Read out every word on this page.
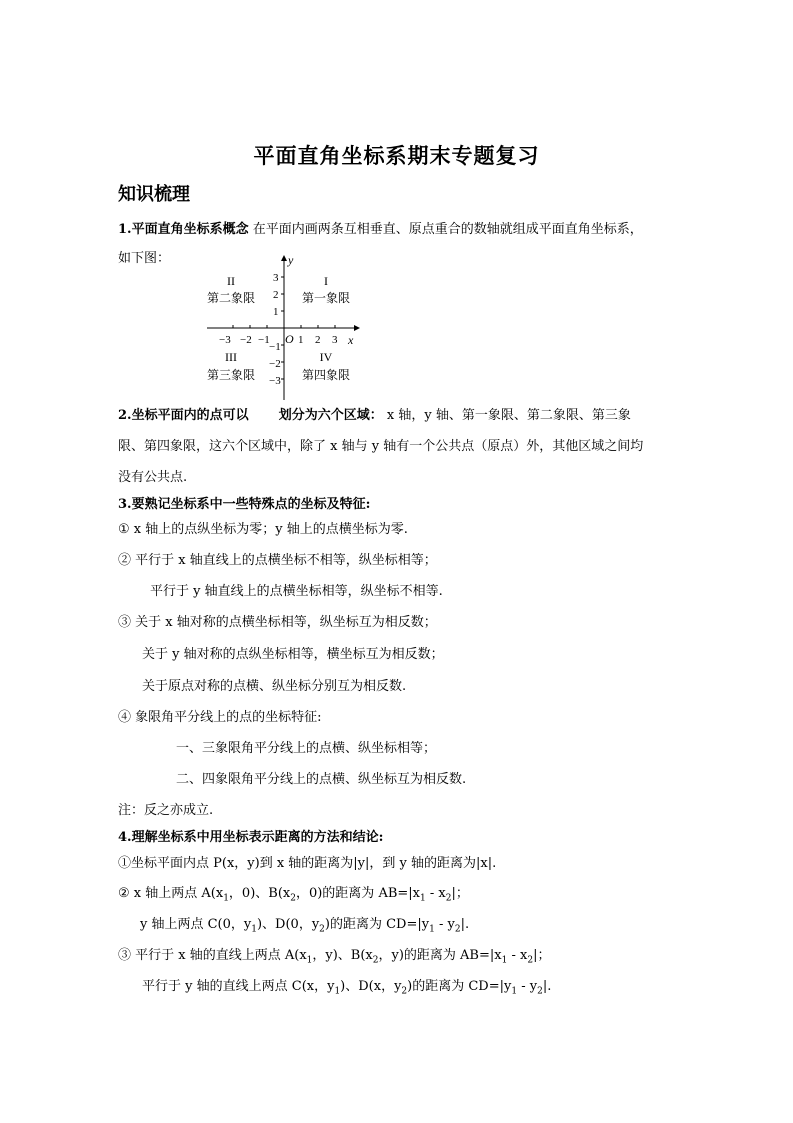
平面直角坐标系期末专题复习
知识梳理
1.平面直角坐标系概念 在平面内画两条互相垂直、原点重合的数轴就组成平面直角坐标系，
如下图：	y
x
O
3
2
1
−1
−2
−3
−3 −2 −1	1 2 3
II
第二象限
I
第一象限
III
第三象限
IV
第四象限
2.坐标平面内的点可以 划分为六个区域： x 轴，y 轴、第一象限、第二象限、第三象
限、第四象限，这六个区域中，除了 x 轴与 y 轴有一个公共点（原点）外，其他区域之间均
没有公共点.
3.要熟记坐标系中一些特殊点的坐标及特征:
① x 轴上的点纵坐标为零；y 轴上的点横坐标为零.
② 平行于 x 轴直线上的点横坐标不相等，纵坐标相等；
平行于 y 轴直线上的点横坐标相等，纵坐标不相等.
③ 关于 x 轴对称的点横坐标相等，纵坐标互为相反数；
关于 y 轴对称的点纵坐标相等，横坐标互为相反数；
关于原点对称的点横、纵坐标分别互为相反数.
④ 象限角平分线上的点的坐标特征:
一、三象限角平分线上的点横、纵坐标相等；
二、四象限角平分线上的点横、纵坐标互为相反数.
注：反之亦成立.
4.理解坐标系中用坐标表示距离的方法和结论:
①坐标平面内点 P(x，y)到 x 轴的距离为|y|，到 y 轴的距离为|x|.
② x 轴上两点 $A(x_1$，0)、$B(x_2$，0)的距离为 $AB=|x_1 - x_2|$；
y 轴上两点 C(0，$y_1$)、D(0，$y_2$)的距离为 $CD=|y_1 - y_2|$.
③ 平行于 x 轴的直线上两点 $A(x_1$，y)、$B(x_2$，y)的距离为 $AB=|x_1 - x_2|$；
平行于 y 轴的直线上两点 C(x，$y_1$)、D(x，$y_2$)的距离为 $CD=|y_1 - y_2|$.
